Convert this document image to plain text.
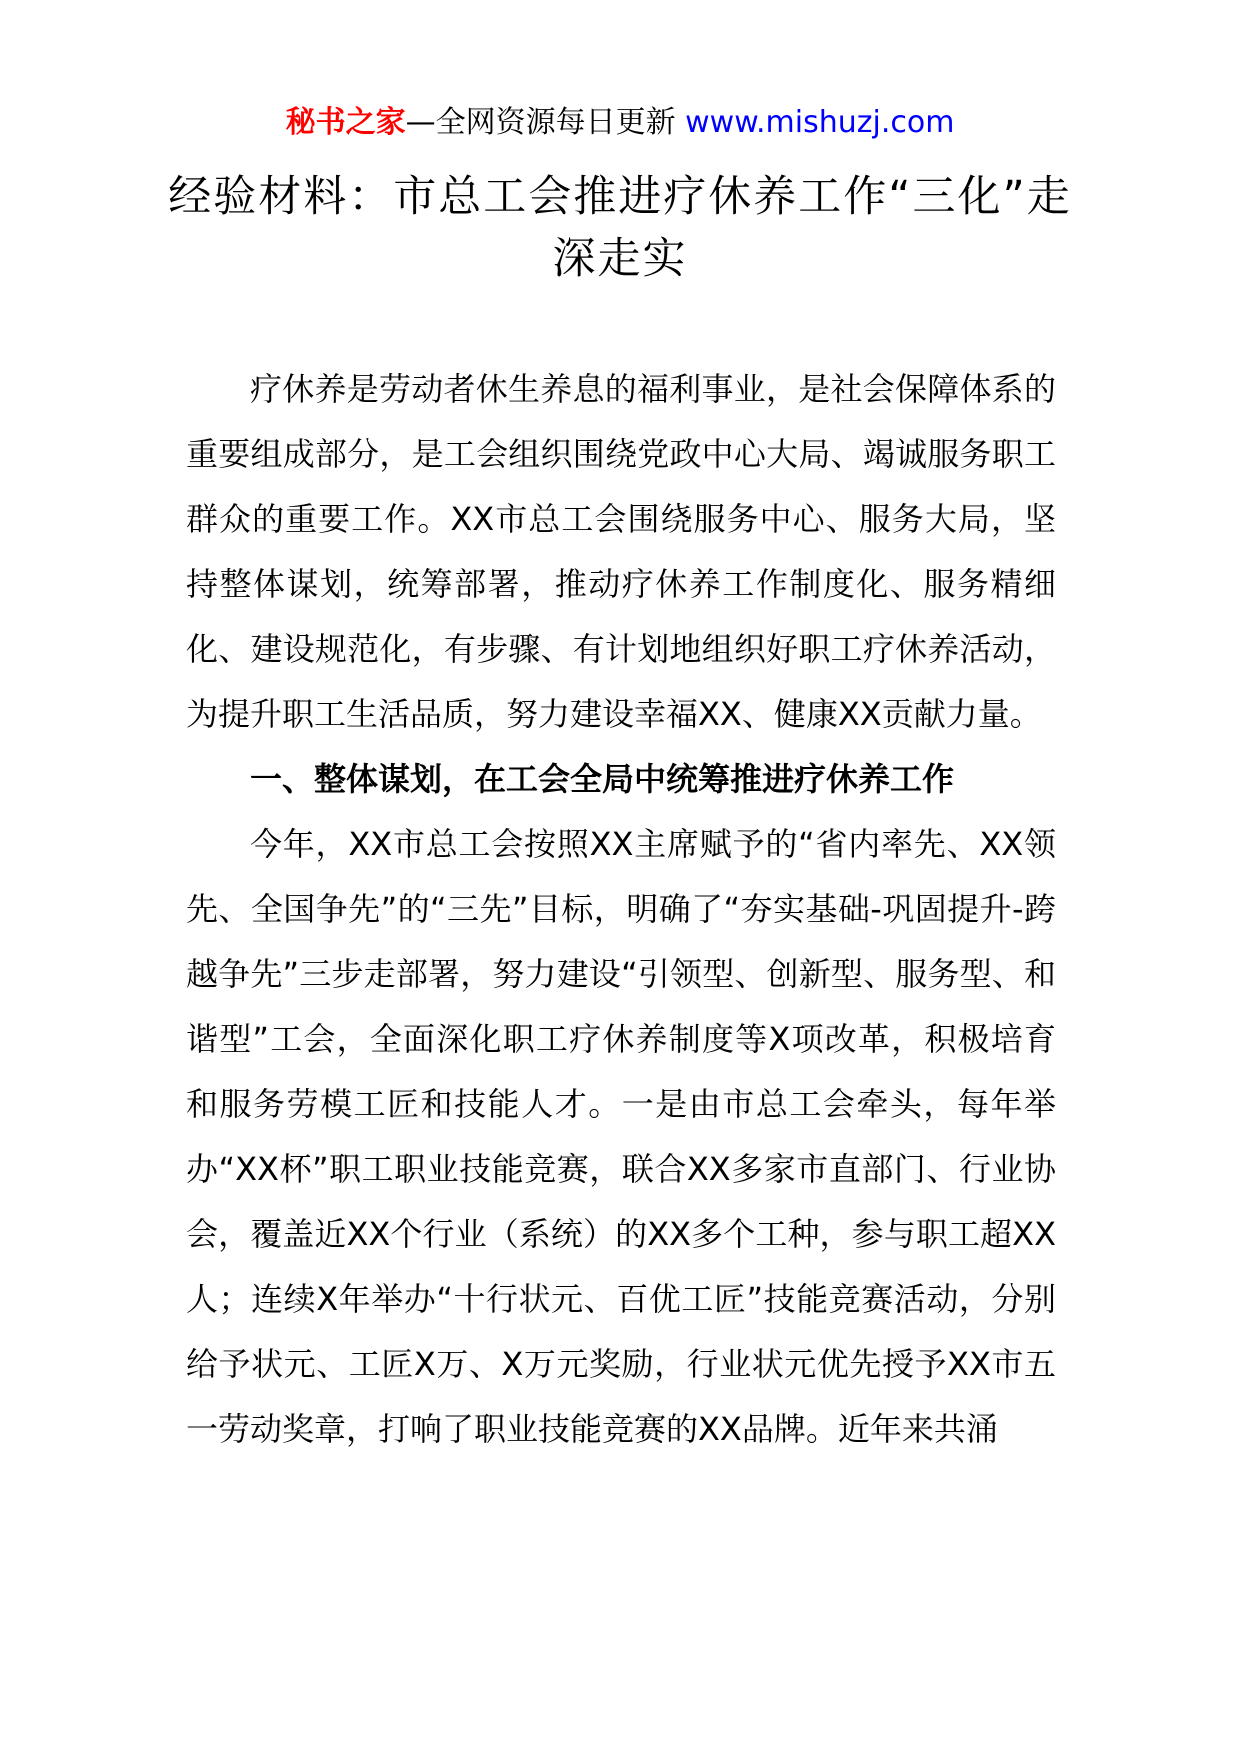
秘书之家—全网资源每日更新 www.mishuzj.com
经验材料：市总工会推进疗休养工作“三化”走深走实

疗休养是劳动者休生养息的福利事业，是社会保障体系的重要组成部分，是工会组织围绕党政中心大局、竭诚服务职工群众的重要工作。XX市总工会围绕服务中心、服务大局，坚持整体谋划，统筹部署，推动疗休养工作制度化、服务精细化、建设规范化，有步骤、有计划地组织好职工疗休养活动，为提升职工生活品质，努力建设幸福XX、健康XX贡献力量。

一、整体谋划，在工会全局中统筹推进疗休养工作

今年，XX市总工会按照XX主席赋予的“省内率先、XX领先、全国争先”的“三先”目标，明确了“夯实基础-巩固提升-跨越争先”三步走部署，努力建设“引领型、创新型、服务型、和谐型”工会，全面深化职工疗休养制度等X项改革，积极培育和服务劳模工匠和技能人才。一是由市总工会牵头，每年举办“XX杯”职工职业技能竞赛，联合XX多家市直部门、行业协会，覆盖近XX个行业（系统）的XX多个工种，参与职工超XX人；连续X年举办“十行状元、百优工匠”技能竞赛活动，分别给予状元、工匠X万、X万元奖励，行业状元优先授予XX市五一劳动奖章，打响了职业技能竞赛的XX品牌。近年来共涌
